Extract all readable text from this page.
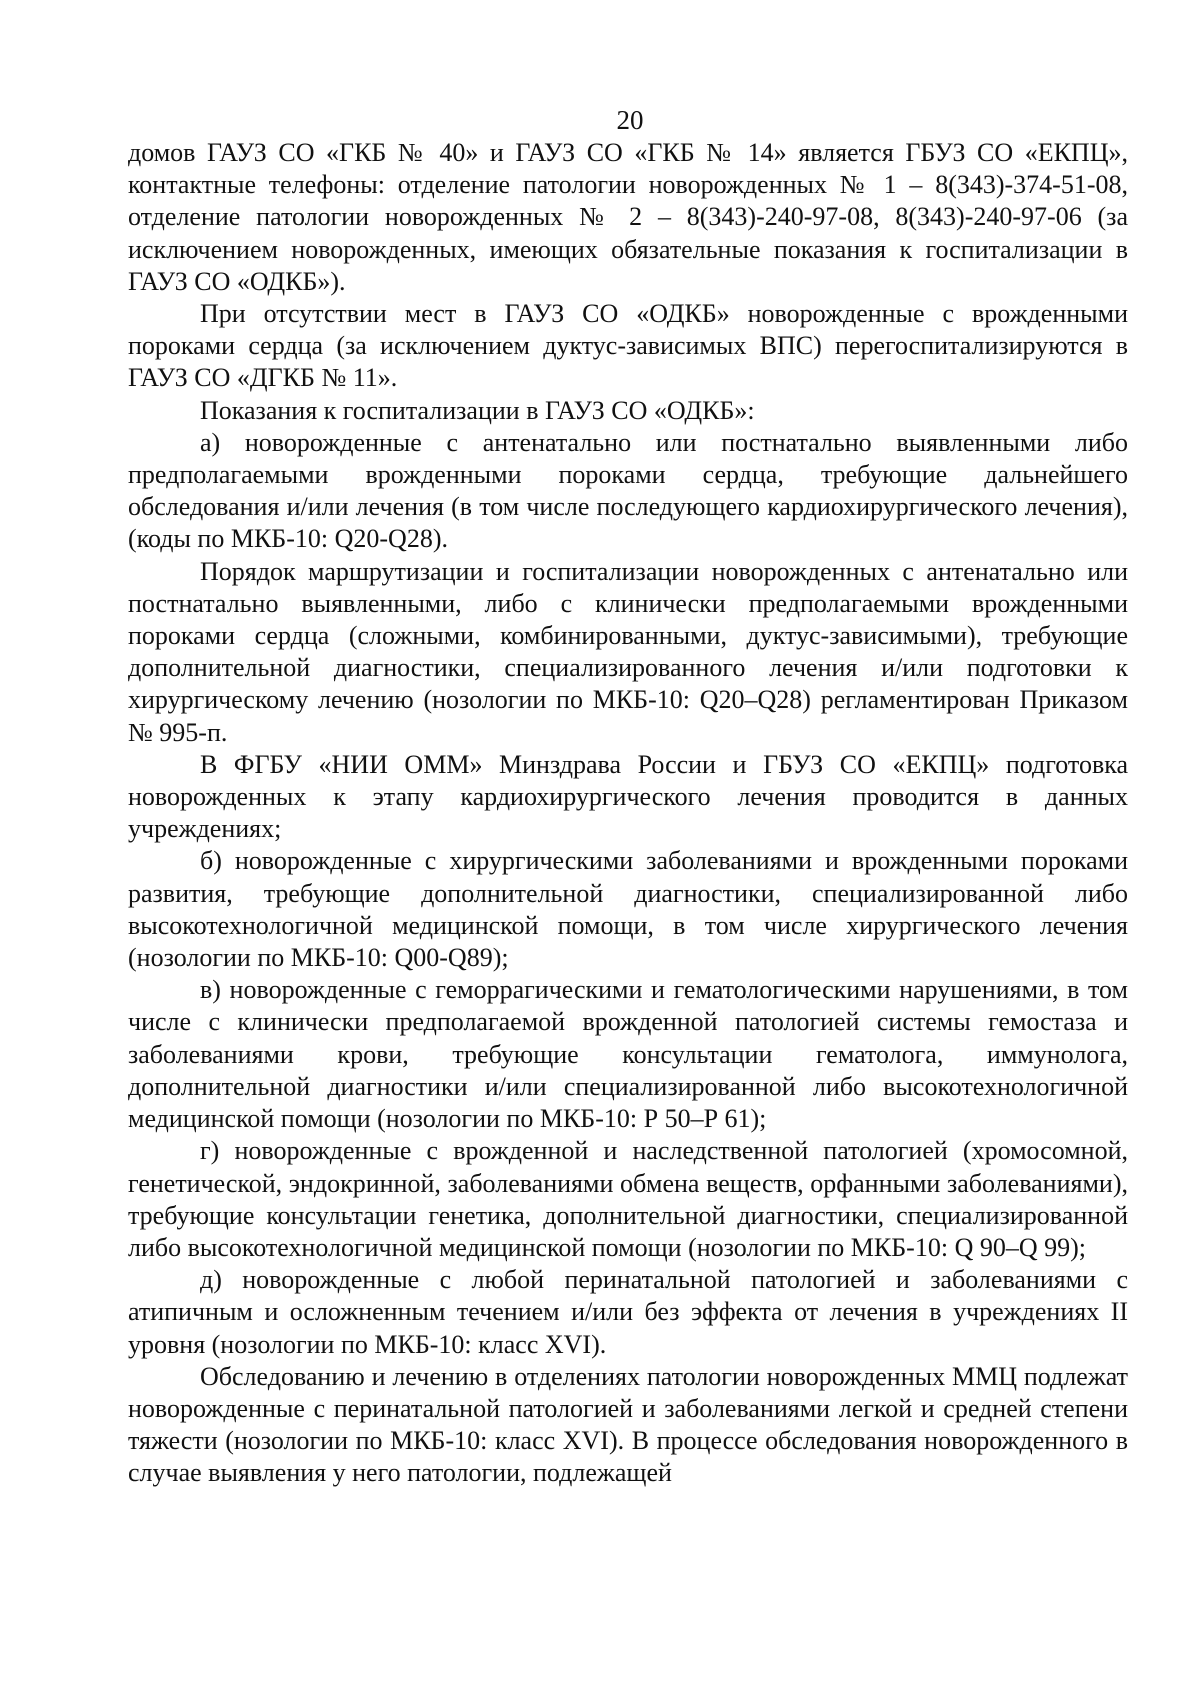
20

домов ГАУЗ СО «ГКБ № 40» и ГАУЗ СО «ГКБ № 14» является ГБУЗ СО «ЕКПЦ», контактные телефоны: отделение патологии новорожденных № 1 – 8(343)-374-51-08, отделение патологии новорожденных № 2 – 8(343)-240-97-08, 8(343)-240-97-06 (за исключением новорожденных, имеющих обязательные показания к госпитализации в ГАУЗ СО «ОДКБ»).

При отсутствии мест в ГАУЗ СО «ОДКБ» новорожденные с врожденными пороками сердца (за исключением дуктус-зависимых ВПС) перегоспитализируются в ГАУЗ СО «ДГКБ № 11».

Показания к госпитализации в ГАУЗ СО «ОДКБ»:

а) новорожденные с антенатально или постнатально выявленными либо предполагаемыми врожденными пороками сердца, требующие дальнейшего обследования и/или лечения (в том числе последующего кардиохирургического лечения), (коды по МКБ-10: Q20-Q28).

Порядок маршрутизации и госпитализации новорожденных с антенатально или постнатально выявленными, либо с клинически предполагаемыми врожденными пороками сердца (сложными, комбинированными, дуктус-зависимыми), требующие дополнительной диагностики, специализированного лечения и/или подготовки к хирургическому лечению (нозологии по МКБ-10: Q20–Q28) регламентирован Приказом № 995-п.

В ФГБУ «НИИ ОММ» Минздрава России и ГБУЗ СО «ЕКПЦ» подготовка новорожденных к этапу кардиохирургического лечения проводится в данных учреждениях;

б) новорожденные с хирургическими заболеваниями и врожденными пороками развития, требующие дополнительной диагностики, специализированной либо высокотехнологичной медицинской помощи, в том числе хирургического лечения (нозологии по МКБ-10: Q00-Q89);

в) новорожденные с геморрагическими и гематологическими нарушениями, в том числе с клинически предполагаемой врожденной патологией системы гемостаза и заболеваниями крови, требующие консультации гематолога, иммунолога, дополнительной диагностики и/или специализированной либо высокотехнологичной медицинской помощи (нозологии по МКБ-10: Р 50–Р 61);

г) новорожденные с врожденной и наследственной патологией (хромосомной, генетической, эндокринной, заболеваниями обмена веществ, орфанными заболеваниями), требующие консультации генетика, дополнительной диагностики, специализированной либо высокотехнологичной медицинской помощи (нозологии по МКБ-10: Q 90–Q 99);

д) новорожденные с любой перинатальной патологией и заболеваниями с атипичным и осложненным течением и/или без эффекта от лечения в учреждениях II уровня (нозологии по МКБ-10: класс XVI).

Обследованию и лечению в отделениях патологии новорожденных ММЦ подлежат новорожденные с перинатальной патологией и заболеваниями легкой и средней степени тяжести (нозологии по МКБ-10: класс XVI). В процессе обследования новорожденного в случае выявления у него патологии, подлежащей
